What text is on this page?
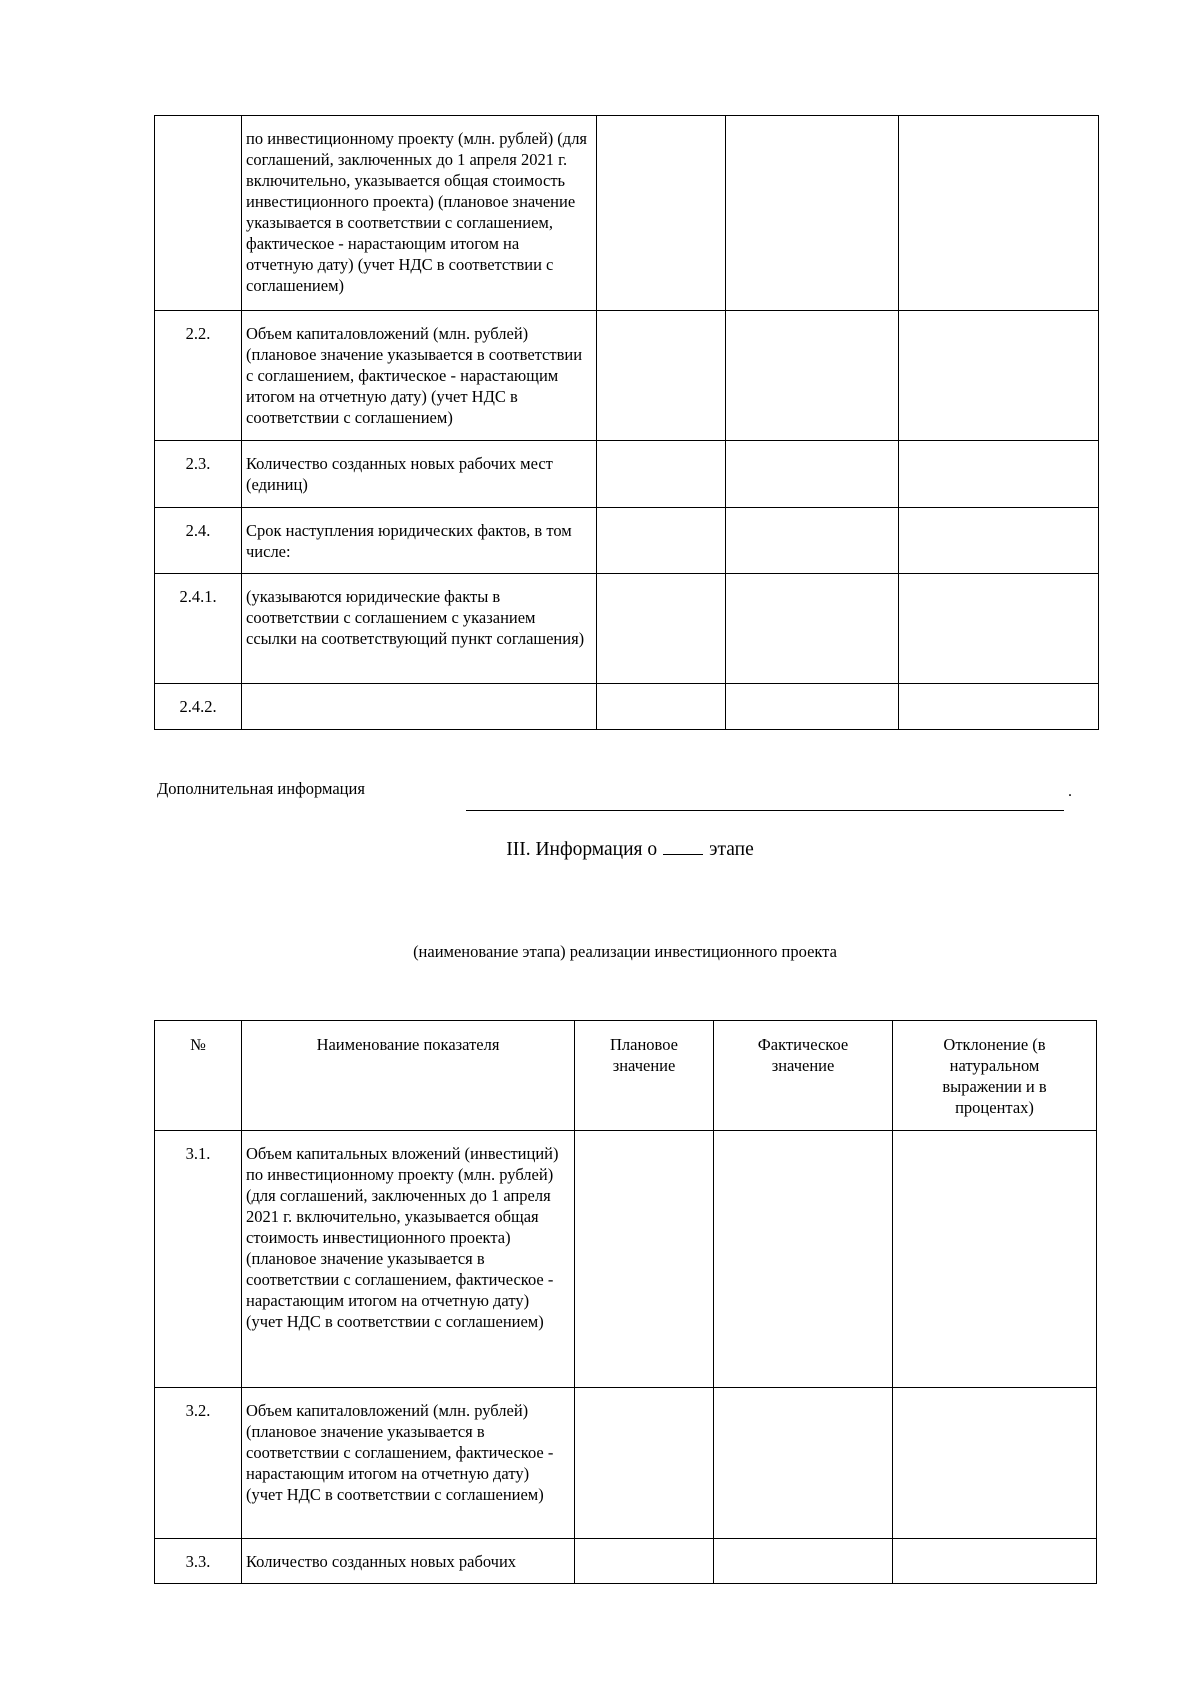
	по инвестиционному проекту (млн. рублей) (для соглашений, заключенных до 1 апреля 2021 г. включительно, указывается общая стоимость инвестиционного проекта) (плановое значение указывается в соответствии с соглашением, фактическое - нарастающим итогом на отчетную дату) (учет НДС в соответствии с соглашением)			
2.2.	Объем капиталовложений (млн. рублей) (плановое значение указывается в соответствии с соглашением, фактическое - нарастающим итогом на отчетную дату) (учет НДС в соответствии с соглашением)			
2.3.	Количество созданных новых рабочих мест (единиц)			
2.4.	Срок наступления юридических фактов, в том числе:			
2.4.1.	(указываются юридические факты в соответствии с соглашением с указанием ссылки на соответствующий пункт соглашения)			
2.4.2.				
Дополнительная информация	.
III. Информация о	этапе
(наименование этапа) реализации инвестиционного проекта
№	Наименование показателя	Плановое значение	Фактическое значение	Отклонение (в натуральном выражении и в процентах)
3.1.	Объем капитальных вложений (инвестиций) по инвестиционному проекту (млн. рублей) (для соглашений, заключенных до 1 апреля 2021 г. включительно, указывается общая стоимость инвестиционного проекта) (плановое значение указывается в соответствии с соглашением, фактическое - нарастающим итогом на отчетную дату) (учет НДС в соответствии с соглашением)			
3.2.	Объем капиталовложений (млн. рублей) (плановое значение указывается в соответствии с соглашением, фактическое - нарастающим итогом на отчетную дату) (учет НДС в соответствии с соглашением)			
3.3.	Количество созданных новых рабочих			
